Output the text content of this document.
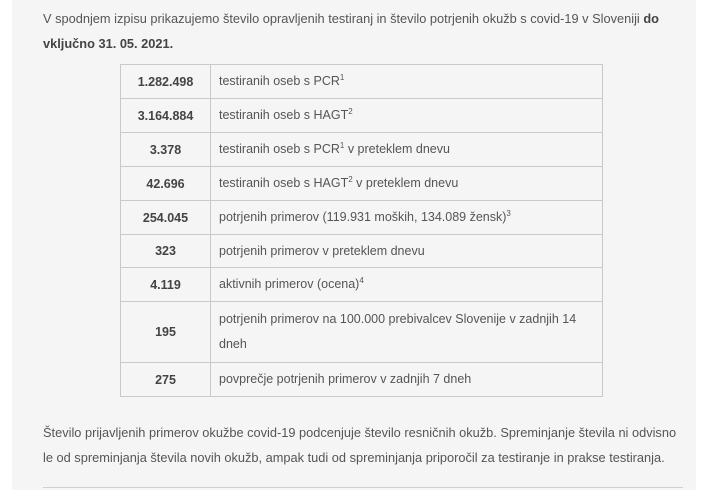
V spodnjem izpisu prikazujemo število opravljenih testiranj in število potrjenih okužb s covid-19 v Sloveniji do vključno 31. 05. 2021.

1.282.498	testiranih oseb s PCR$^1$
3.164.884	testiranih oseb s HAGT$^2$
3.378	testiranih oseb s PCR$^1$ v preteklem dnevu
42.696	testiranih oseb s HAGT$^2$ v preteklem dnevu
254.045	potrjenih primerov (119.931 moških, 134.089 žensk)$^3$
323	potrjenih primerov v preteklem dnevu
4.119	aktivnih primerov (ocena)$^4$
195	potrjenih primerov na 100.000 prebivalcev Slovenije v zadnjih 14 dneh
275	povprečje potrjenih primerov v zadnjih 7 dneh

Število prijavljenih primerov okužbe covid-19 podcenjuje število resničnih okužb. Spreminjanje števila ni odvisno le od spreminjanja števila novih okužb, ampak tudi od spreminjanja priporočil za testiranje in prakse testiranja.
